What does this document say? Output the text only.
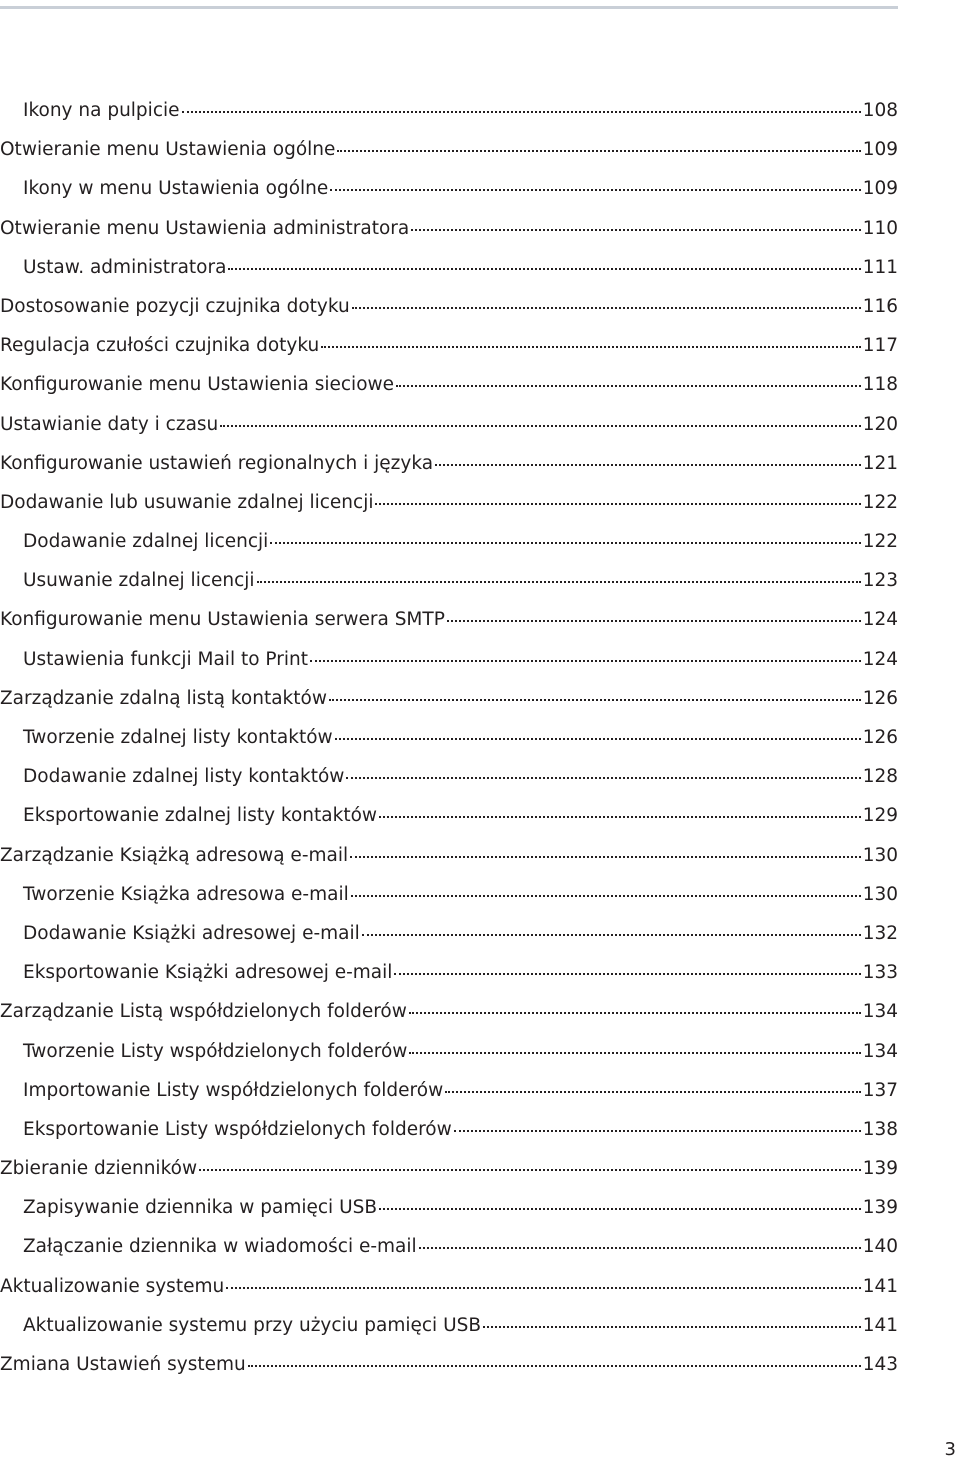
Ikony na pulpicie	108
Otwieranie menu Ustawienia ogólne	109
Ikony w menu Ustawienia ogólne	109
Otwieranie menu Ustawienia administratora	110
Ustaw. administratora	111
Dostosowanie pozycji czujnika dotyku	116
Regulacja czułości czujnika dotyku	117
Konfigurowanie menu Ustawienia sieciowe	118
Ustawianie daty i czasu	120
Konfigurowanie ustawień regionalnych i języka	121
Dodawanie lub usuwanie zdalnej licencji	122
Dodawanie zdalnej licencji	122
Usuwanie zdalnej licencji	123
Konfigurowanie menu Ustawienia serwera SMTP	124
Ustawienia funkcji Mail to Print	124
Zarządzanie zdalną listą kontaktów	126
Tworzenie zdalnej listy kontaktów	126
Dodawanie zdalnej listy kontaktów	128
Eksportowanie zdalnej listy kontaktów	129
Zarządzanie Książką adresową e-mail	130
Tworzenie Książka adresowa e-mail	130
Dodawanie Książki adresowej e-mail	132
Eksportowanie Książki adresowej e-mail	133
Zarządzanie Listą współdzielonych folderów	134
Tworzenie Listy współdzielonych folderów	134
Importowanie Listy współdzielonych folderów	137
Eksportowanie Listy współdzielonych folderów	138
Zbieranie dzienników	139
Zapisywanie dziennika w pamięci USB	139
Załączanie dziennika w wiadomości e-mail	140
Aktualizowanie systemu	141
Aktualizowanie systemu przy użyciu pamięci USB	141
Zmiana Ustawień systemu	143
3
